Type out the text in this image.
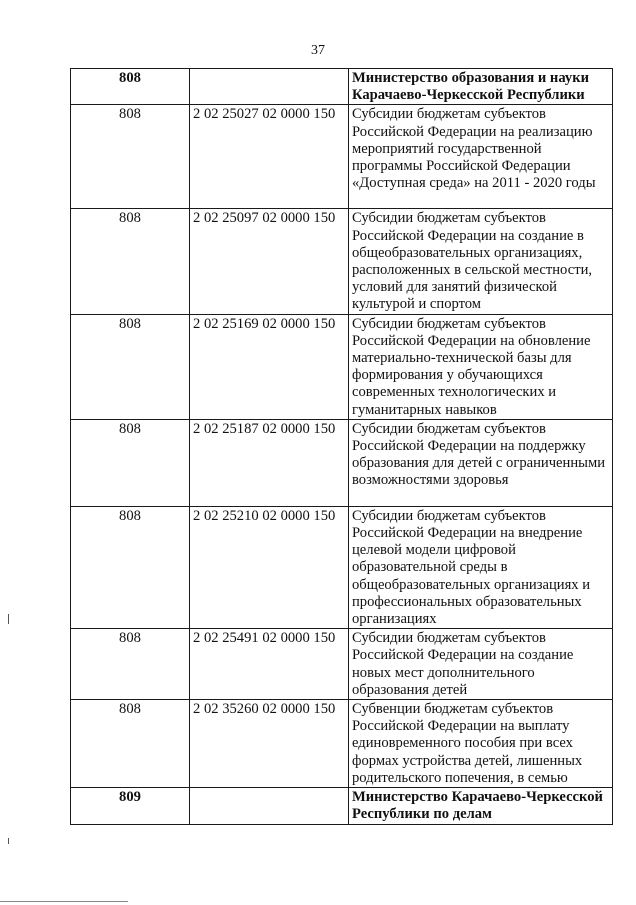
37
808		Министерство образования и науки Карачаево-Черкесской Республики
808	2 02 25027 02 0000 150	Субсидии бюджетам субъектов Российской Федерации на реализацию мероприятий государственной программы Российской Федерации «Доступная среда» на 2011 - 2020 годы
808	2 02 25097 02 0000 150	Субсидии бюджетам субъектов Российской Федерации на создание в общеобразовательных организациях, расположенных в сельской местности, условий для занятий физической культурой и спортом
808	2 02 25169 02 0000 150	Субсидии бюджетам субъектов Российской Федерации на обновление материально-технической базы для формирования у обучающихся современных технологических и гуманитарных навыков
808	2 02 25187 02 0000 150	Субсидии бюджетам субъектов Российской Федерации на поддержку образования для детей с ограниченными возможностями здоровья
808	2 02 25210 02 0000 150	Субсидии бюджетам субъектов Российской Федерации на внедрение целевой модели цифровой образовательной среды в общеобразовательных организациях и профессиональных образовательных организациях
808	2 02 25491 02 0000 150	Субсидии бюджетам субъектов Российской Федерации на создание новых мест дополнительного образования детей
808	2 02 35260 02 0000 150	Субвенции бюджетам субъектов Российской Федерации на выплату единовременного пособия при всех формах устройства детей, лишенных родительского попечения, в семью
809		Министерство Карачаево-Черкесской Республики по делам
